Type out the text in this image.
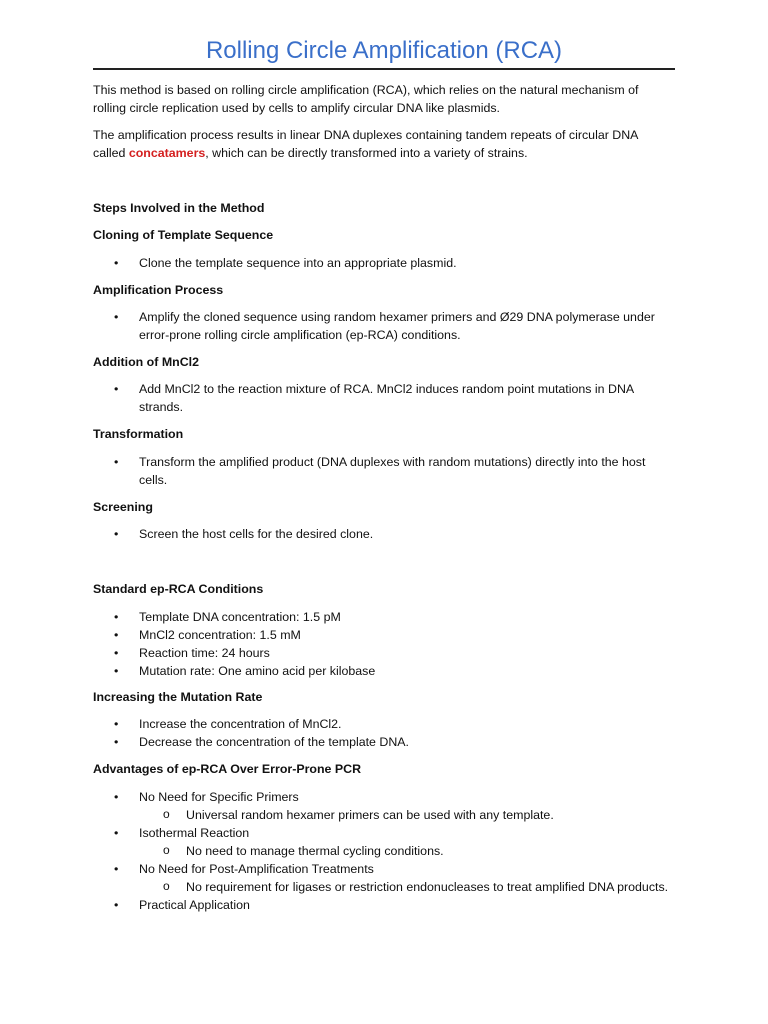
Rolling Circle Amplification (RCA)

This method is based on rolling circle amplification (RCA), which relies on the natural mechanism of rolling circle replication used by cells to amplify circular DNA like plasmids.

The amplification process results in linear DNA duplexes containing tandem repeats of circular DNA called concatamers, which can be directly transformed into a variety of strains.

Steps Involved in the Method
Cloning of Template Sequence
• Clone the template sequence into an appropriate plasmid.
Amplification Process
• Amplify the cloned sequence using random hexamer primers and Ø29 DNA polymerase under error-prone rolling circle amplification (ep-RCA) conditions.
Addition of MnCl2
• Add MnCl2 to the reaction mixture of RCA. MnCl2 induces random point mutations in DNA strands.
Transformation
• Transform the amplified product (DNA duplexes with random mutations) directly into the host cells.
Screening
• Screen the host cells for the desired clone.
Standard ep-RCA Conditions
• Template DNA concentration: 1.5 pM
• MnCl2 concentration: 1.5 mM
• Reaction time: 24 hours
• Mutation rate: One amino acid per kilobase
Increasing the Mutation Rate
• Increase the concentration of MnCl2.
• Decrease the concentration of the template DNA.
Advantages of ep-RCA Over Error-Prone PCR
• No Need for Specific Primers
o Universal random hexamer primers can be used with any template.
• Isothermal Reaction
o No need to manage thermal cycling conditions.
• No Need for Post-Amplification Treatments
o No requirement for ligases or restriction endonucleases to treat amplified DNA products.
• Practical Application
